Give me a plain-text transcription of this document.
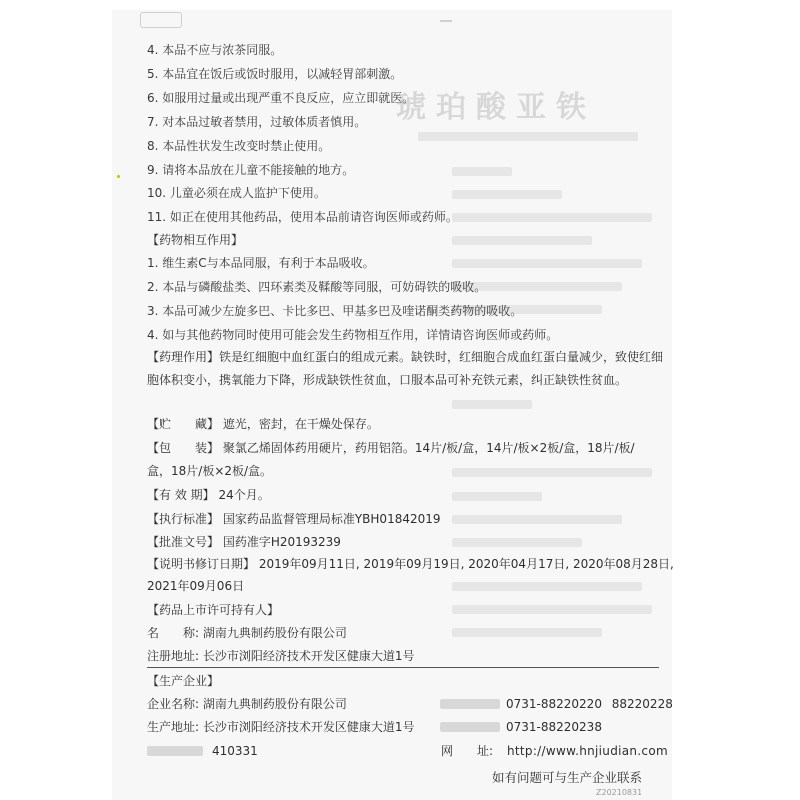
琥珀酸亚铁
4. 本品不应与浓茶同服。
5. 本品宜在饭后或饭时服用，以减轻胃部刺激。
6. 如服用过量或出现严重不良反应，应立即就医。
7. 对本品过敏者禁用，过敏体质者慎用。
8. 本品性状发生改变时禁止使用。
9. 请将本品放在儿童不能接触的地方。
10. 儿童必须在成人监护下使用。
11. 如正在使用其他药品，使用本品前请咨询医师或药师。
【药物相互作用】
1. 维生素C与本品同服，有利于本品吸收。
2. 本品与磷酸盐类、四环素类及鞣酸等同服，可妨碍铁的吸收。
3. 本品可减少左旋多巴、卡比多巴、甲基多巴及喹诺酮类药物的吸收。
4. 如与其他药物同时使用可能会发生药物相互作用，详情请咨询医师或药师。
【药理作用】铁是红细胞中血红蛋白的组成元素。缺铁时，红细胞合成血红蛋白量减少，致使红细胞体积变小，携氧能力下降，形成缺铁性贫血，口服本品可补充铁元素，纠正缺铁性贫血。
【贮　　藏】 遮光，密封，在干燥处保存。
【包　　装】 聚氯乙烯固体药用硬片，药用铝箔。14片/板/盒，14片/板×2板/盒，18片/板/
盒，18片/板×2板/盒。
【有 效 期】 24个月。
【执行标准】 国家药品监督管理局标准YBH01842019
【批准文号】 国药准字H20193239
【说明书修订日期】 2019年09月11日, 2019年09月19日, 2020年04月17日, 2020年08月28日,
2021年09月06日
【药品上市许可持有人】
名　　称: 湖南九典制药股份有限公司
注册地址: 长沙市浏阳经济技术开发区健康大道1号
【生产企业】
企业名称: 湖南九典制药股份有限公司	0731-88220220  88220228
生产地址: 长沙市浏阳经济技术开发区健康大道1号	0731-88220238
410331	网　　址: http://www.hnjiudian.com
如有问题可与生产企业联系
Z20210831
